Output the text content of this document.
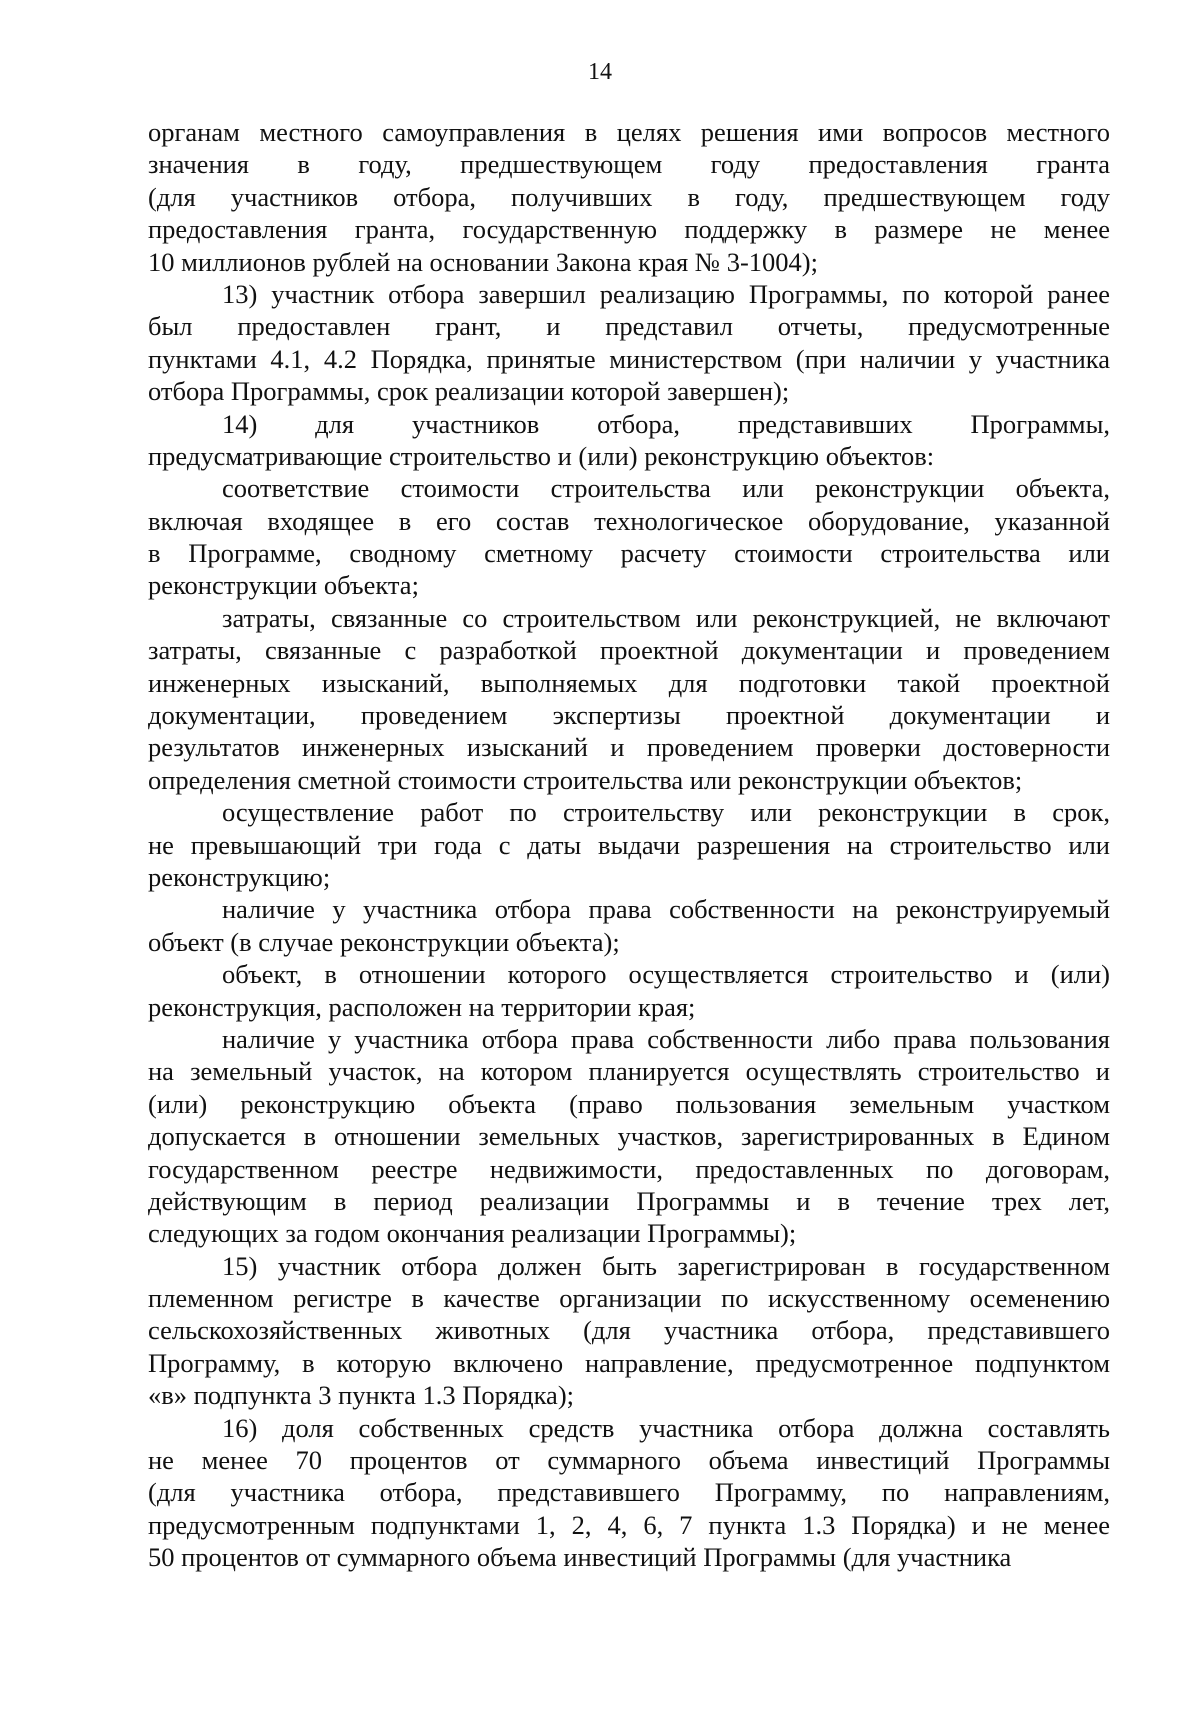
14
органам местного самоуправления в целях решения ими вопросов местного
значения в году, предшествующем году предоставления гранта
(для участников отбора, получивших в году, предшествующем году
предоставления гранта, государственную поддержку в размере не менее
10 миллионов рублей на основании Закона края № 3-1004);
13) участник отбора завершил реализацию Программы, по которой ранее
был предоставлен грант, и представил отчеты, предусмотренные
пунктами 4.1, 4.2 Порядка, принятые министерством (при наличии у участника
отбора Программы, срок реализации которой завершен);
14) для участников отбора, представивших Программы,
предусматривающие строительство и (или) реконструкцию объектов:
соответствие стоимости строительства или реконструкции объекта,
включая входящее в его состав технологическое оборудование, указанной
в Программе, сводному сметному расчету стоимости строительства или
реконструкции объекта;
затраты, связанные со строительством или реконструкцией, не включают
затраты, связанные с разработкой проектной документации и проведением
инженерных изысканий, выполняемых для подготовки такой проектной
документации, проведением экспертизы проектной документации и
результатов инженерных изысканий и проведением проверки достоверности
определения сметной стоимости строительства или реконструкции объектов;
осуществление работ по строительству или реконструкции в срок,
не превышающий три года с даты выдачи разрешения на строительство или
реконструкцию;
наличие у участника отбора права собственности на реконструируемый
объект (в случае реконструкции объекта);
объект, в отношении которого осуществляется строительство и (или)
реконструкция, расположен на территории края;
наличие у участника отбора права собственности либо права пользования
на земельный участок, на котором планируется осуществлять строительство и
(или) реконструкцию объекта (право пользования земельным участком
допускается в отношении земельных участков, зарегистрированных в Едином
государственном реестре недвижимости, предоставленных по договорам,
действующим в период реализации Программы и в течение трех лет,
следующих за годом окончания реализации Программы);
15) участник отбора должен быть зарегистрирован в государственном
племенном регистре в качестве организации по искусственному осеменению
сельскохозяйственных животных (для участника отбора, представившего
Программу, в которую включено направление, предусмотренное подпунктом
«в» подпункта 3 пункта 1.3 Порядка);
16) доля собственных средств участника отбора должна составлять
не менее 70 процентов от суммарного объема инвестиций Программы
(для участника отбора, представившего Программу, по направлениям,
предусмотренным подпунктами 1, 2, 4, 6, 7 пункта 1.3 Порядка) и не менее
50 процентов от суммарного объема инвестиций Программы (для участника
